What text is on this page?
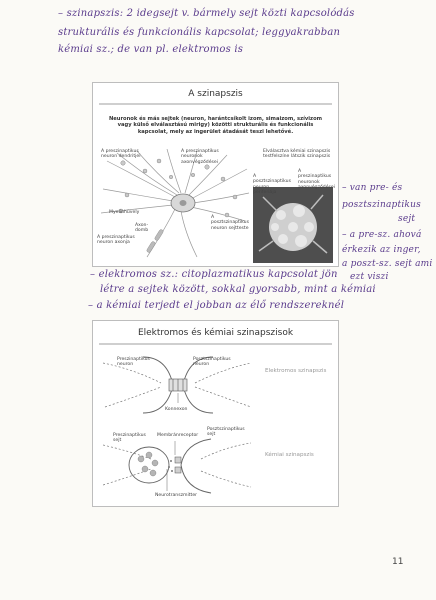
– szinapszis: 2 idegsejt v. bármely sejt közti kapcsolódás
strukturális és funkcionális kapcsolat; leggyakrabban
kémiai sz.; de van pl. elektromos is
A szinapszis
Neuronok és más sejtek (neuron, harántcsíkolt izom, simaizom, szívizom vagy külső elválasztású mirigy) közötti strukturális és funkcionális kapcsolat, mely az ingerület átadását teszi lehetővé.
A preszinaptikus neuron dendritjei
A preszinaptikus neuronok axonvégződései
Elválasztva kémiai szinapszis testfelszíne látszik szinapszis
A preszinaptikus neuronok axonvégződései
A posztszinaptikus neuron periferiája
Myelinhüvely
Axon-domb
A posztszinaptikus neuron sejtteste
A preszinaptikus neuron axonja
– van pre- és
posztszinaptikus
sejt
– a pre-sz. ahová
érkezik az inger,
a poszt-sz. sejt ami
ezt viszi
– elektromos sz.: citoplazmatikus kapcsolat jön
létre a sejtek között, sokkal gyorsabb, mint a kémiai
– a kémiai terjedt el jobban az élő rendszereknél
Elektromos és kémiai szinapszisok
Preszinaptikus neuron
Posztszinaptikus neuron
Konnexon
Elektromos szinapszis
Preszinaptikus sejt
Membránreceptor
Posztszinaptikus sejt
Neurotranszmitter
Kémiai szinapszis
11
